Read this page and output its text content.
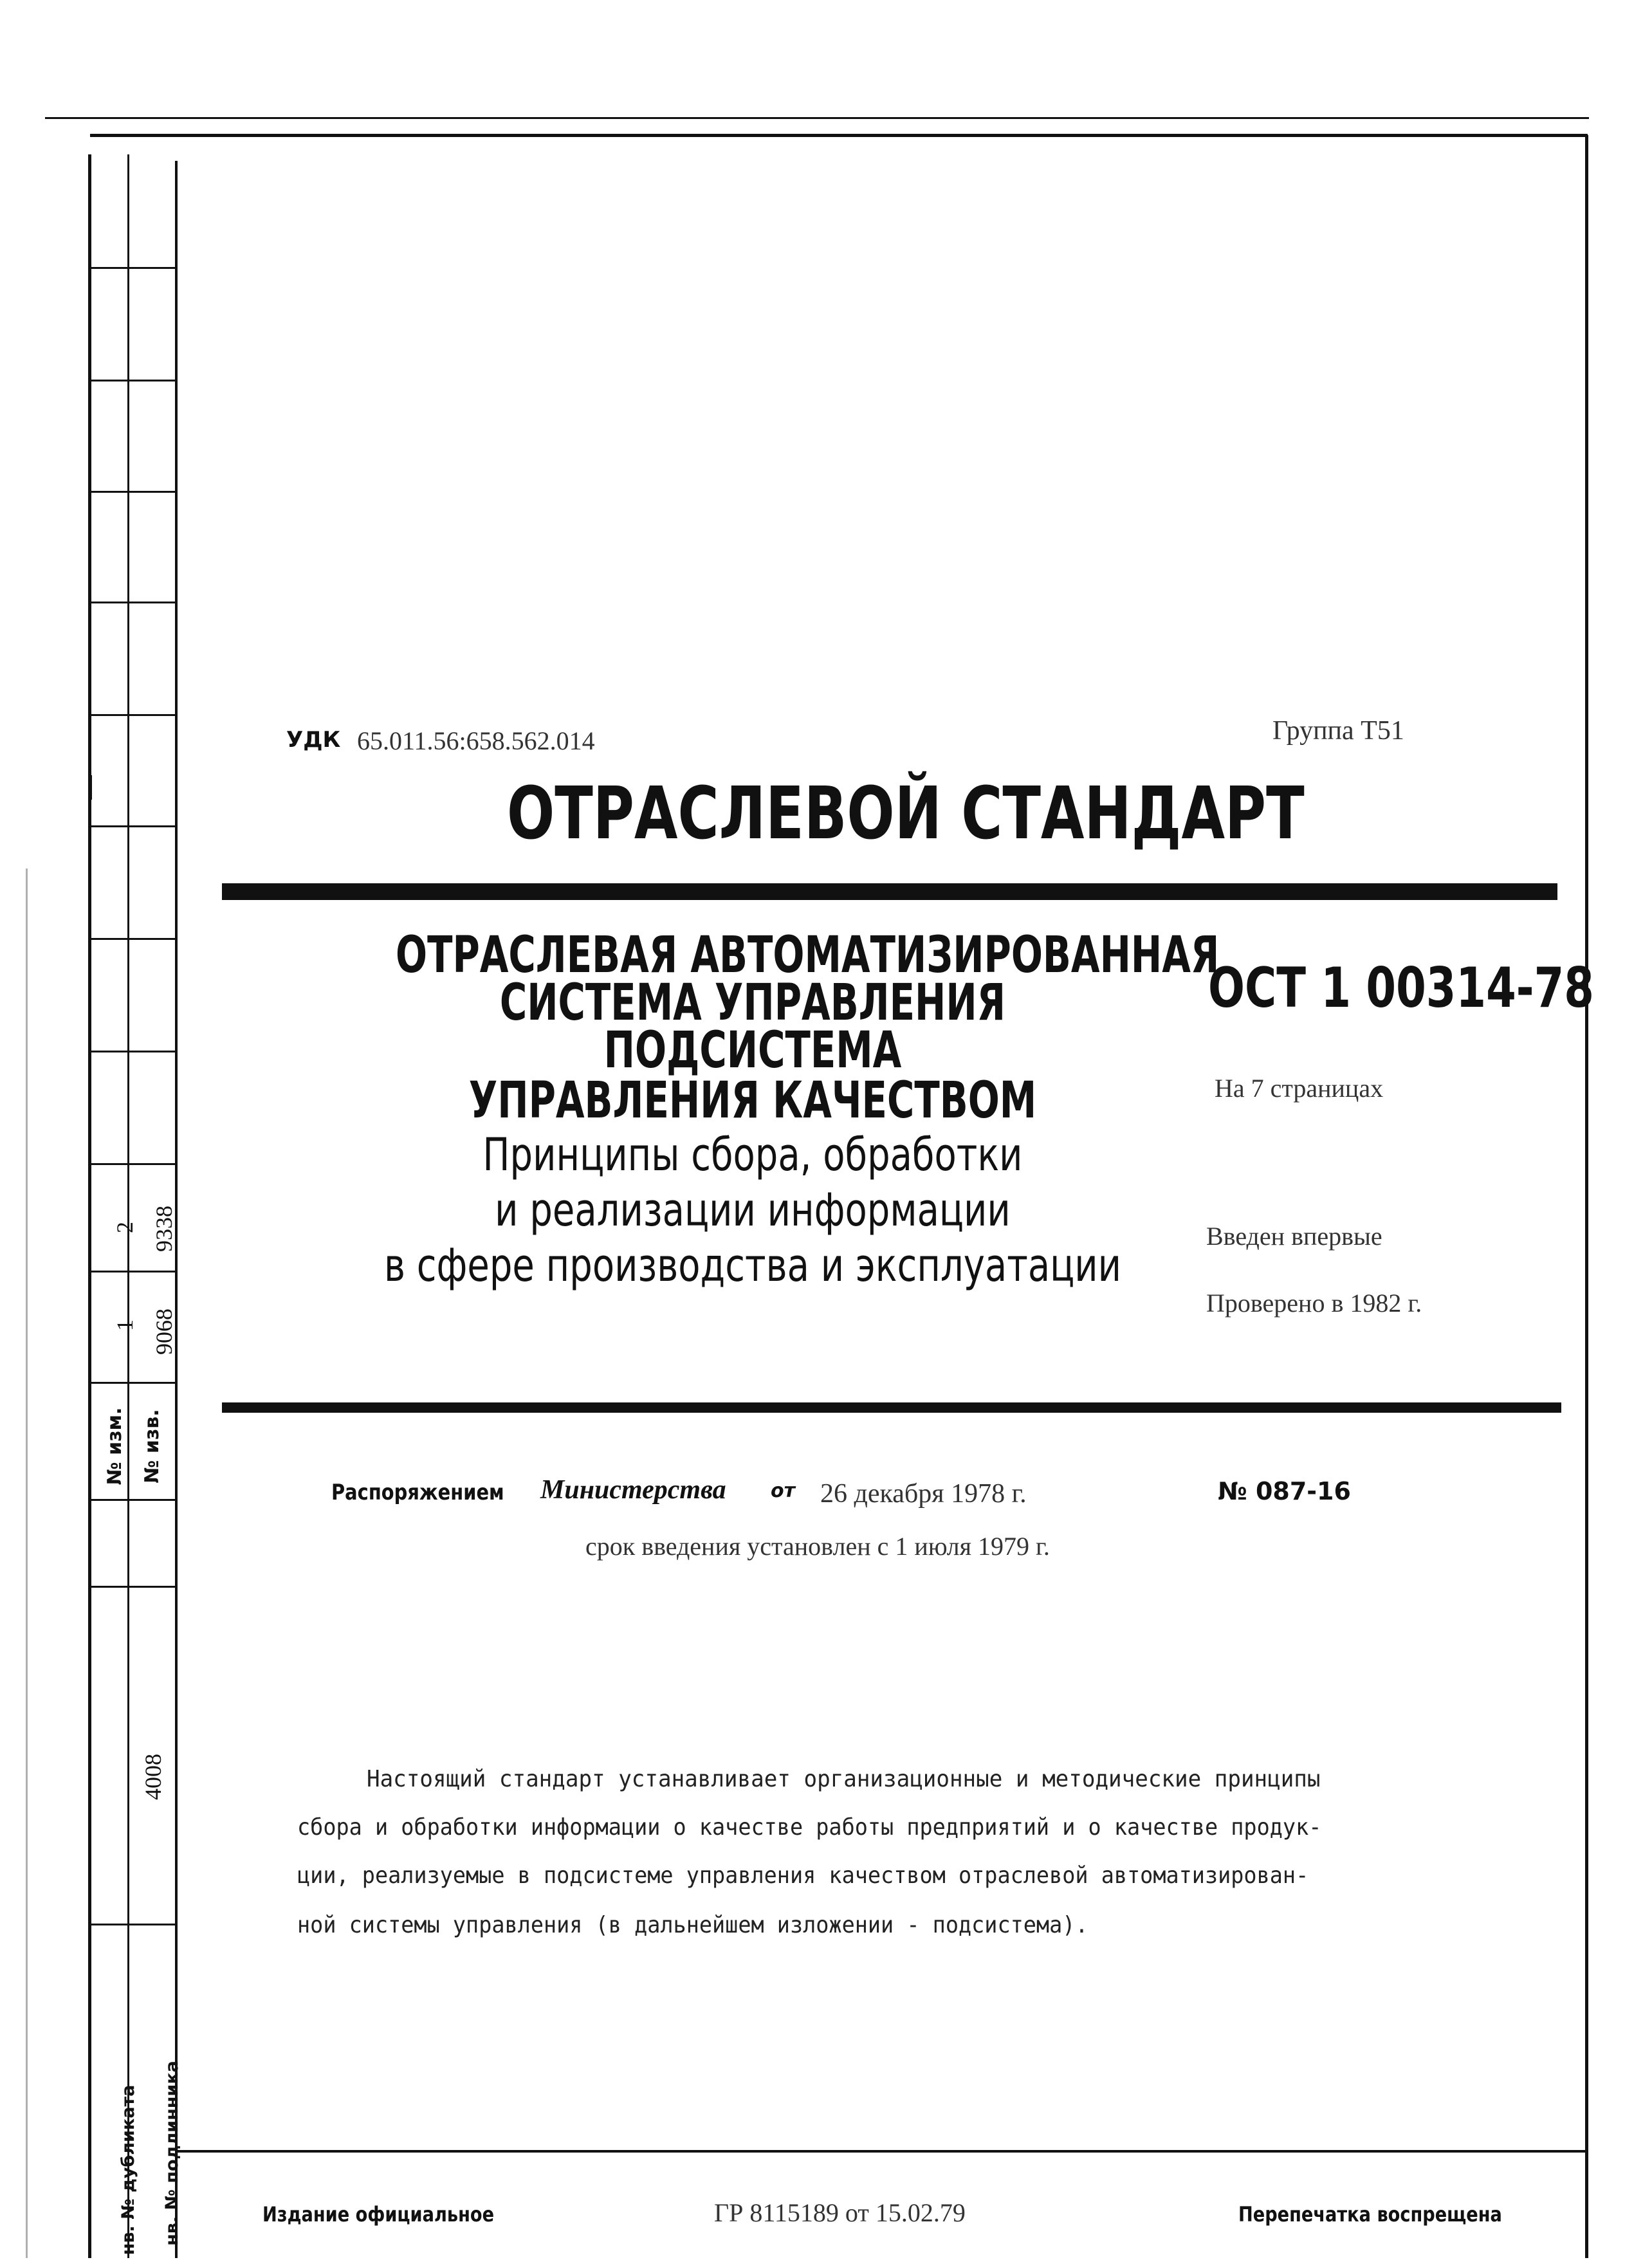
2 9338
1 9068
№ изм. № изв.
4008
нв. № дубликата нв. № подлинника
УДК 65.011.56:658.562.014	Группа Т51
ОТРАСЛЕВОЙ СТАНДАРТ
ОТРАСЛЕВАЯ АВТОМАТИЗИРОВАННАЯ
СИСТЕМА УПРАВЛЕНИЯ
ПОДСИСТЕМА
УПРАВЛЕНИЯ КАЧЕСТВОМ
Принципы сбора, обработки
и реализации информации
в сфере производства и эксплуатации
ОСТ 1 00314-78
На 7 страницах
Введен впервые
Проверено в 1982 г.
Распоряжением Министерства от 26 декабря 1978 г.	№ 087-16
срок введения установлен с 1 июля 1979 г.
Настоящий стандарт устанавливает организационные и методические принципы
сбора и обработки информации о качестве работы предприятий и о качестве продук-
ции, реализуемые в подсистеме управления качеством отраслевой автоматизирован-
ной системы управления (в дальнейшем изложении - подсистема).
Издание официальное	ГР 8115189 от 15.02.79	Перепечатка воспрещена
